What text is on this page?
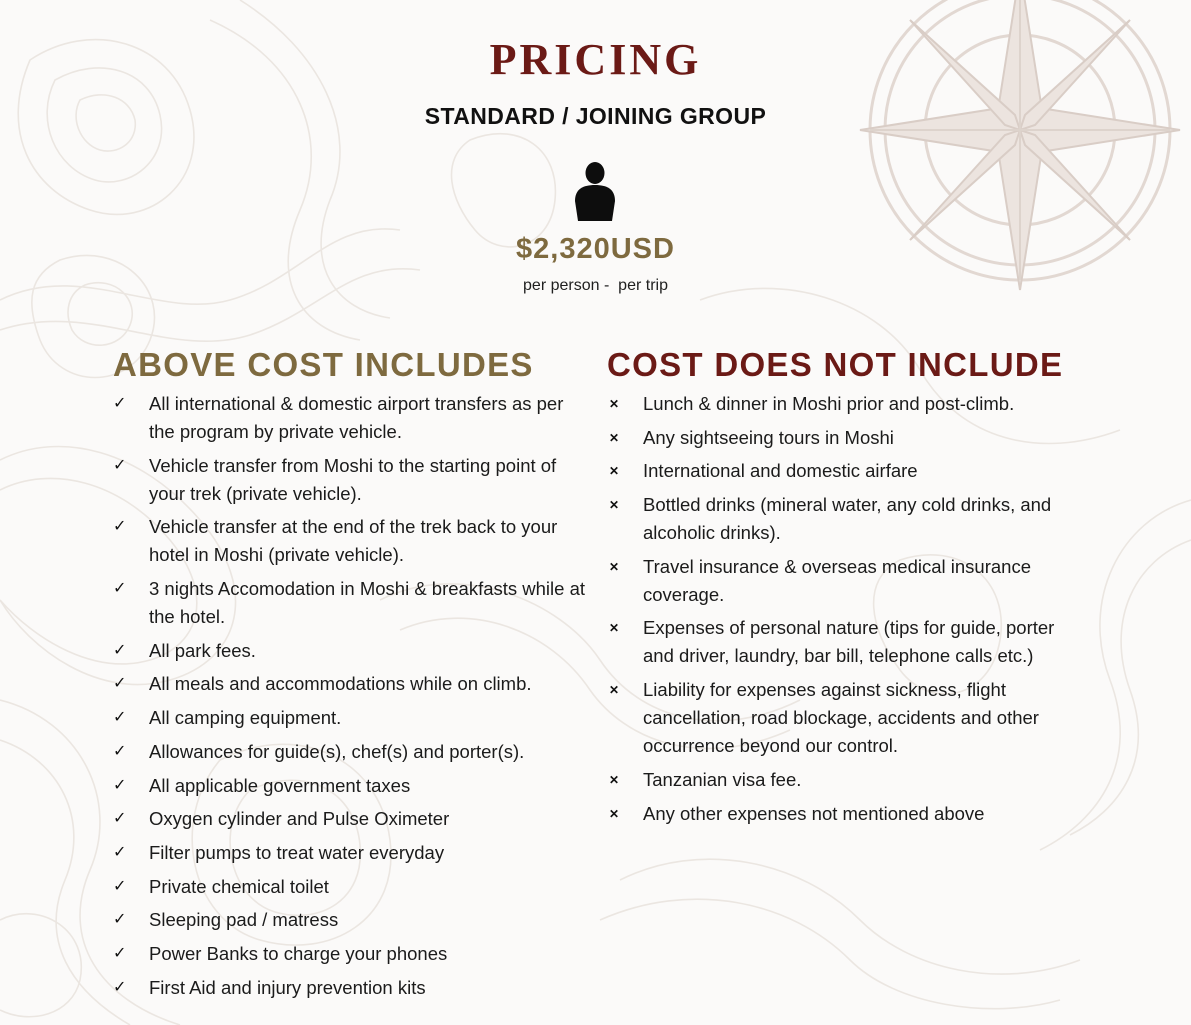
PRICING
STANDARD / JOINING GROUP
$2,320USD
per person -  per trip
ABOVE COST INCLUDES COST DOES NOT INCLUDE
✓	All international & domestic airport transfers as per the program by private vehicle.
✓	Vehicle transfer from Moshi to the starting point of your trek (private vehicle).
✓	Vehicle transfer at the end of the trek back to your hotel in Moshi (private vehicle).
✓	3 nights Accomodation in Moshi & breakfasts while at the hotel.
✓	All park fees.
✓	All meals and accommodations while on climb.
✓	All camping equipment.
✓	Allowances for guide(s), chef(s) and porter(s).
✓	All applicable government taxes
✓	Oxygen cylinder and Pulse Oximeter
✓	Filter pumps to treat water everyday
✓	Private chemical toilet
✓	Sleeping pad / matress
✓	Power Banks to charge your phones
✓	First Aid and injury prevention kits
✕	Lunch & dinner in Moshi prior and post-climb.
✕	Any sightseeing tours in Moshi
✕	International and domestic airfare
✕	Bottled drinks (mineral water, any cold drinks, and alcoholic drinks).
✕	Travel insurance & overseas medical insurance coverage.
✕	Expenses of personal nature (tips for guide, porter and driver, laundry, bar bill, telephone calls etc.)
✕	Liability for expenses against sickness, flight cancellation, road blockage, accidents and other occurrence beyond our control.
✕	Tanzanian visa fee.
✕	Any other expenses not mentioned above
